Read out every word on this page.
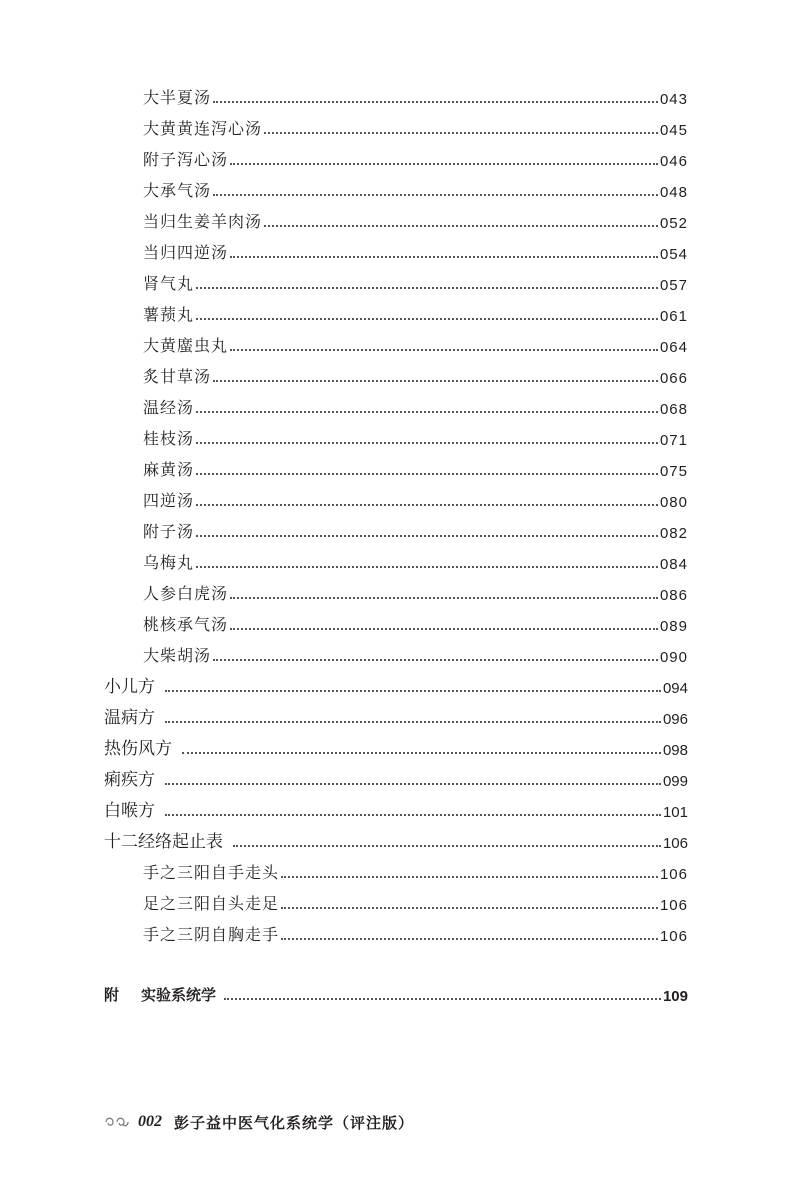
大半夏汤	043
大黄黄连泻心汤	045
附子泻心汤	046
大承气汤	048
当归生姜羊肉汤	052
当归四逆汤	054
肾气丸	057
薯蓣丸	061
大黄䗪虫丸	064
炙甘草汤	066
温经汤	068
桂枝汤	071
麻黄汤	075
四逆汤	080
附子汤	082
乌梅丸	084
人参白虎汤	086
桃核承气汤	089
大柴胡汤	090
小儿方	094
温病方	096
热伤风方	098
痢疾方	099
白喉方	101
十二经络起止表	106
手之三阳自手走头	106
足之三阳自头走足	106
手之三阴自胸走手	106
附 实验系统学	109
002 彭子益中医气化系统学（评注版）
